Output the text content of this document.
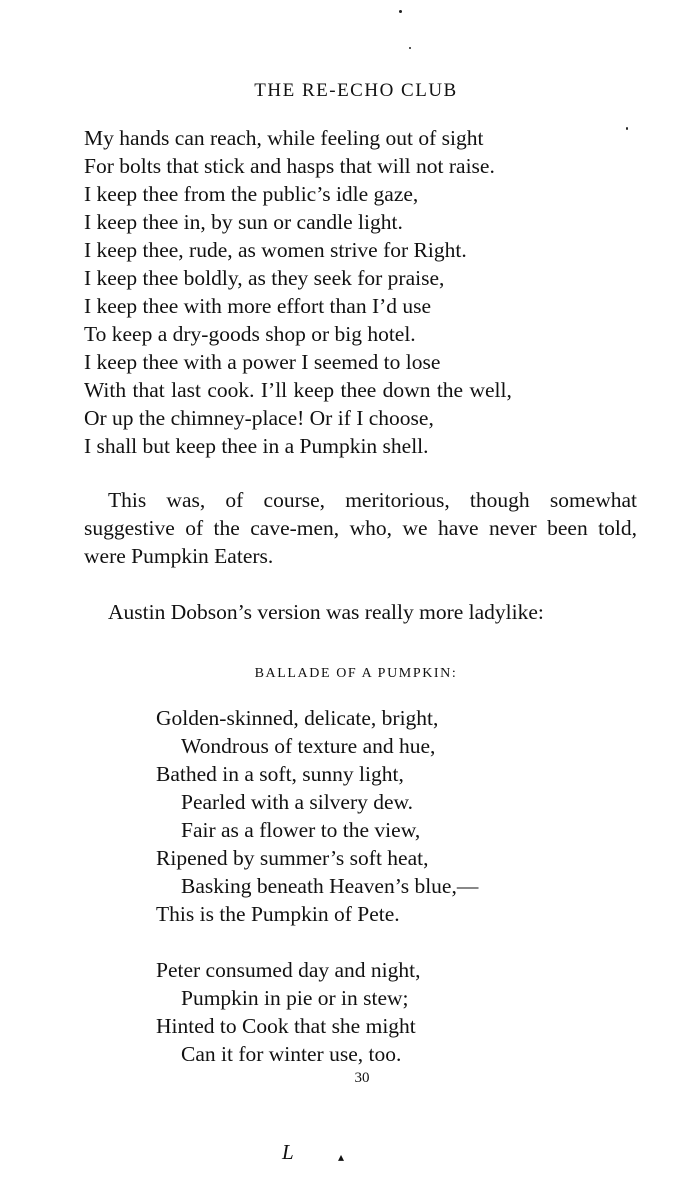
THE RE-ECHO CLUB
My hands can reach, while feeling out of sight
For bolts that stick and hasps that will not raise.
I keep thee from the public’s idle gaze,
I keep thee in, by sun or candle light.
I keep thee, rude, as women strive for Right.
I keep thee boldly, as they seek for praise,
I keep thee with more effort than I’d use
To keep a dry-goods shop or big hotel.
I keep thee with a power I seemed to lose
With that last cook. I’ll keep thee down the well,
Or up the chimney-place! Or if I choose,
I shall but keep thee in a Pumpkin shell.
This was, of course, meritorious, though somewhat suggestive of the cave-men, who, we have never been told, were Pumpkin Eaters.
Austin Dobson’s version was really more ladylike:
BALLADE OF A PUMPKIN:
Golden-skinned, delicate, bright,
Wondrous of texture and hue,
Bathed in a soft, sunny light,
Pearled with a silvery dew.
Fair as a flower to the view,
Ripened by summer’s soft heat,
Basking beneath Heaven’s blue,—
This is the Pumpkin of Pete.
Peter consumed day and night,
Pumpkin in pie or in stew;
Hinted to Cook that she might
Can it for winter use, too.
30
L	▴
